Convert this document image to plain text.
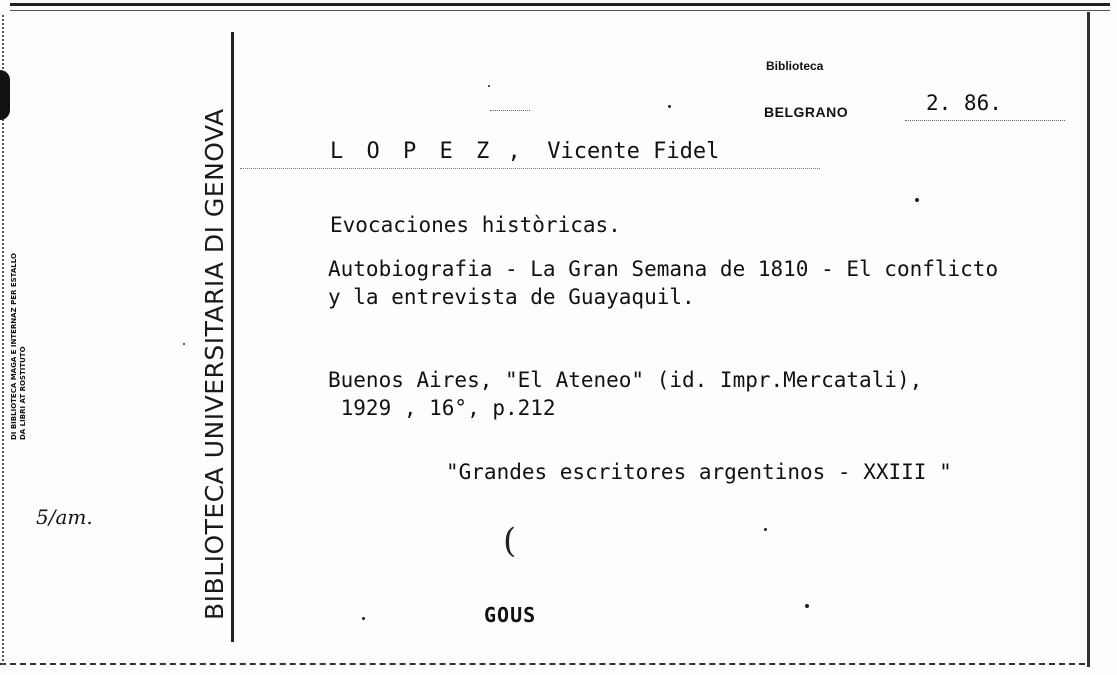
DI BIBLIOTECA MAGA E INTERNAZ PER ESTALLO DA LIBRI AT ROSTITUTO	BIBLIOTECA UNIVERSITARIA DI GENOVA
5/am.
Biblioteca
BELGRANO	2. 86.
L O P E Z ,  Vicente Fidel
Evocaciones històricas.
Autobiografia - La Gran Semana de 1810 - El conflicto
y la entrevista de Guayaquil.
Buenos Aires, "El Ateneo" (id. Impr.Mercatali),
1929 , 16°, p.212
"Grandes escritores argentinos - XXIII "
(
GOUS
